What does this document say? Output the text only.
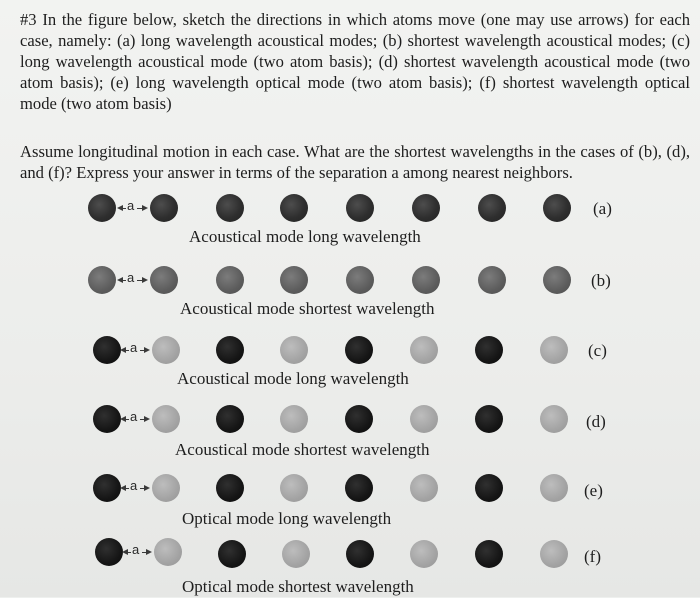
#3 In the figure below, sketch the directions in which atoms move (one may use arrows) for each case, namely: (a) long wavelength acoustical modes; (b) shortest wavelength acoustical modes; (c) long wavelength acoustical mode (two atom basis); (d) shortest wavelength acoustical mode (two atom basis); (e) long wavelength optical mode (two atom basis); (f) shortest wavelength optical mode (two atom basis)

Assume longitudinal motion in each case. What are the shortest wavelengths in the cases of (b), (d), and (f)? Express your answer in terms of the separation a among nearest neighbors.

a
Acoustical mode long wavelength
(a)
a
Acoustical mode shortest wavelength
(b)
a
Acoustical mode long wavelength
(c)
a
Acoustical mode shortest wavelength
(d)
a
Optical mode long wavelength
(e)
a
Optical mode shortest wavelength
(f)
